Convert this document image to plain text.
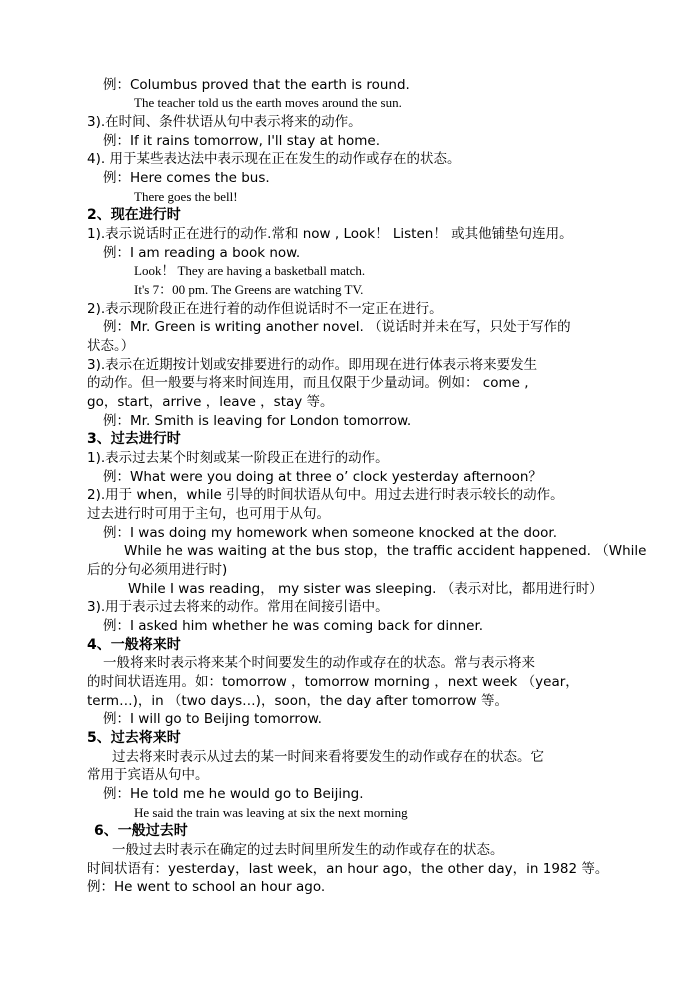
例：Columbus proved that the earth is round.
The teacher told us the earth moves around the sun.
3).在时间、条件状语从句中表示将来的动作。
例：If it rains tomorrow, I'll stay at home.
4). 用于某些表达法中表示现在正在发生的动作或存在的状态。
例：Here comes the bus.
There goes the bell!
2、现在进行时
1).表示说话时正在进行的动作.常和 now , Look！ Listen！ 或其他铺垫句连用。
例：I am reading a book now.
Look！ They are having a basketball match.
It's 7：00 pm. The Greens are watching TV.
2).表示现阶段正在进行着的动作但说话时不一定正在进行。
例：Mr. Green is writing another novel. （说话时并未在写，只处于写作的
状态。）
3).表示在近期按计划或安排要进行的动作。即用现在进行体表示将来要发生
的动作。但一般要与将来时间连用，而且仅限于少量动词。例如： come ,
go，start，arrive ，leave ，stay 等。
例：Mr. Smith is leaving for London tomorrow.
3、过去进行时
1).表示过去某个时刻或某一阶段正在进行的动作。
例：What were you doing at three o’ clock yesterday afternoon？
2).用于 when，while 引导的时间状语从句中。用过去进行时表示较长的动作。
过去进行时可用于主句，也可用于从句。
例：I was doing my homework when someone knocked at the door.
While he was waiting at the bus stop，the traffic accident happened. （While
后的分句必须用进行时)
While I was reading， my sister was sleeping. （表示对比，都用进行时）
3).用于表示过去将来的动作。常用在间接引语中。
例：I asked him whether he was coming back for dinner.
4、一般将来时
一般将来时表示将来某个时间要发生的动作或存在的状态。常与表示将来
的时间状语连用。如：tomorrow ，tomorrow morning ，next week （year，
term…)，in （two days…)，soon，the day after tomorrow 等。
例：I will go to Beijing tomorrow.
5、过去将来时
过去将来时表示从过去的某一时间来看将要发生的动作或存在的状态。它
常用于宾语从句中。
例：He told me he would go to Beijing.
He said the train was leaving at six the next morning
6、一般过去时
一般过去时表示在确定的过去时间里所发生的动作或存在的状态。
时间状语有：yesterday，last week，an hour ago，the other day，in 1982 等。
例：He went to school an hour ago.
